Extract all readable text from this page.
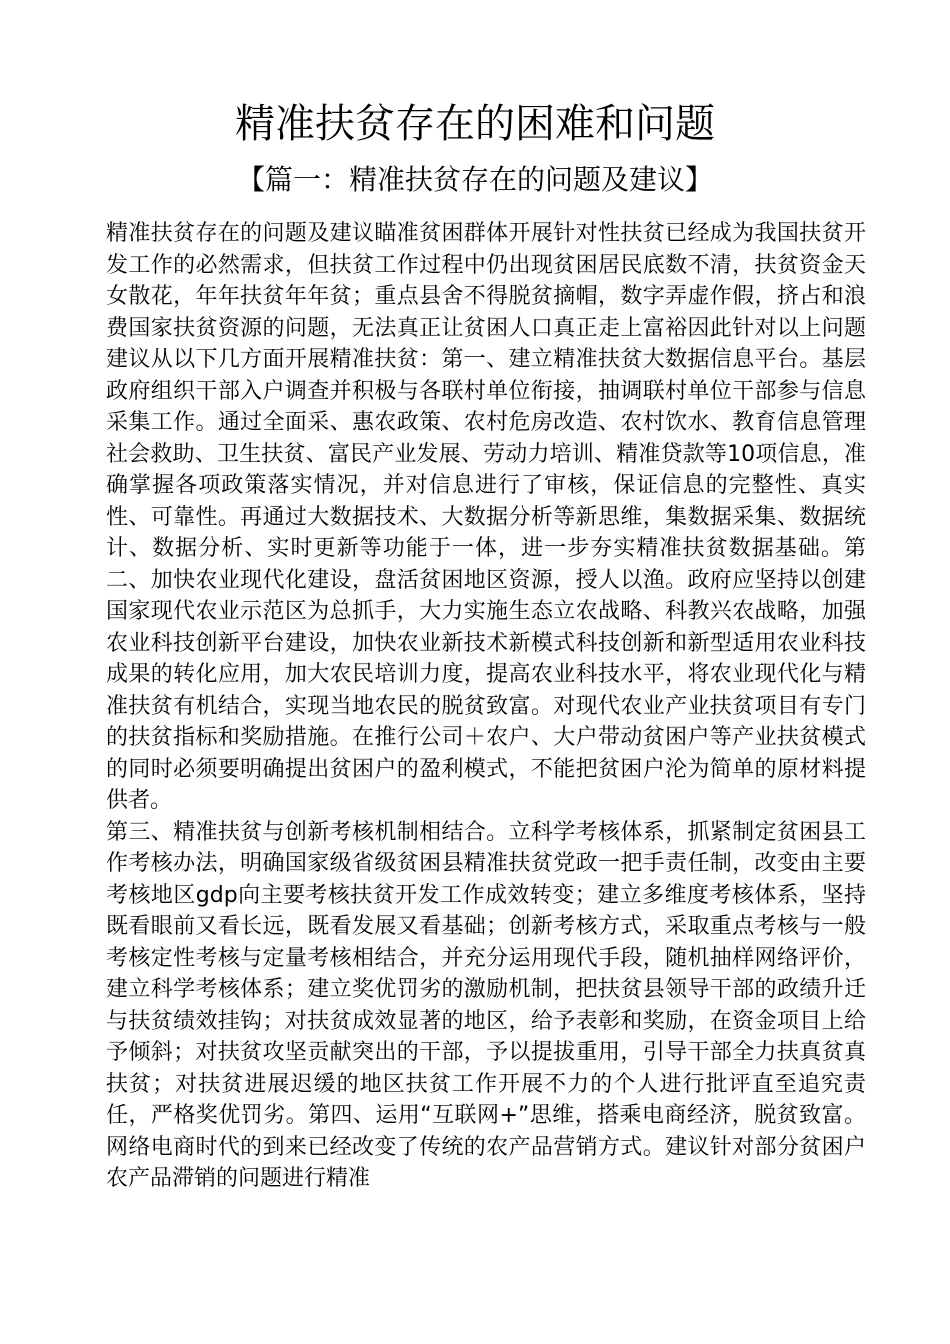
精准扶贫存在的困难和问题
【篇一：精准扶贫存在的问题及建议】

精准扶贫存在的问题及建议瞄准贫困群体开展针对性扶贫已经成为我国扶贫开发工作的必然需求，但扶贫工作过程中仍出现贫困居民底数不清，扶贫资金天女散花，年年扶贫年年贫；重点县舍不得脱贫摘帽，数字弄虚作假，挤占和浪费国家扶贫资源的问题，无法真正让贫困人口真正走上富裕因此针对以上问题建议从以下几方面开展精准扶贫：第一、建立精准扶贫大数据信息平台。基层政府组织干部入户调查并积极与各联村单位衔接，抽调联村单位干部参与信息采集工作。通过全面采、惠农政策、农村危房改造、农村饮水、教育信息管理社会救助、卫生扶贫、富民产业发展、劳动力培训、精准贷款等10项信息，准确掌握各项政策落实情况，并对信息进行了审核，保证信息的完整性、真实性、可靠性。再通过大数据技术、大数据分析等新思维，集数据采集、数据统计、数据分析、实时更新等功能于一体，进一步夯实精准扶贫数据基础。第二、加快农业现代化建设，盘活贫困地区资源，授人以渔。政府应坚持以创建国家现代农业示范区为总抓手，大力实施生态立农战略、科教兴农战略，加强农业科技创新平台建设，加快农业新技术新模式科技创新和新型适用农业科技成果的转化应用，加大农民培训力度，提高农业科技水平，将农业现代化与精准扶贫有机结合，实现当地农民的脱贫致富。对现代农业产业扶贫项目有专门的扶贫指标和奖励措施。在推行公司＋农户、大户带动贫困户等产业扶贫模式的同时必须要明确提出贫困户的盈利模式，不能把贫困户沦为简单的原材料提供者。

第三、精准扶贫与创新考核机制相结合。立科学考核体系，抓紧制定贫困县工作考核办法，明确国家级省级贫困县精准扶贫党政一把手责任制，改变由主要考核地区gdp向主要考核扶贫开发工作成效转变；建立多维度考核体系，坚持既看眼前又看长远，既看发展又看基础；创新考核方式，采取重点考核与一般考核定性考核与定量考核相结合，并充分运用现代手段，随机抽样网络评价，建立科学考核体系；建立奖优罚劣的激励机制，把扶贫县领导干部的政绩升迁与扶贫绩效挂钩；对扶贫成效显著的地区，给予表彰和奖励，在资金项目上给予倾斜；对扶贫攻坚贡献突出的干部，予以提拔重用，引导干部全力扶真贫真扶贫；对扶贫进展迟缓的地区扶贫工作开展不力的个人进行批评直至追究责任，严格奖优罚劣。第四、运用“互联网+”思维，搭乘电商经济，脱贫致富。网络电商时代的到来已经改变了传统的农产品营销方式。建议针对部分贫困户农产品滞销的问题进行精准
